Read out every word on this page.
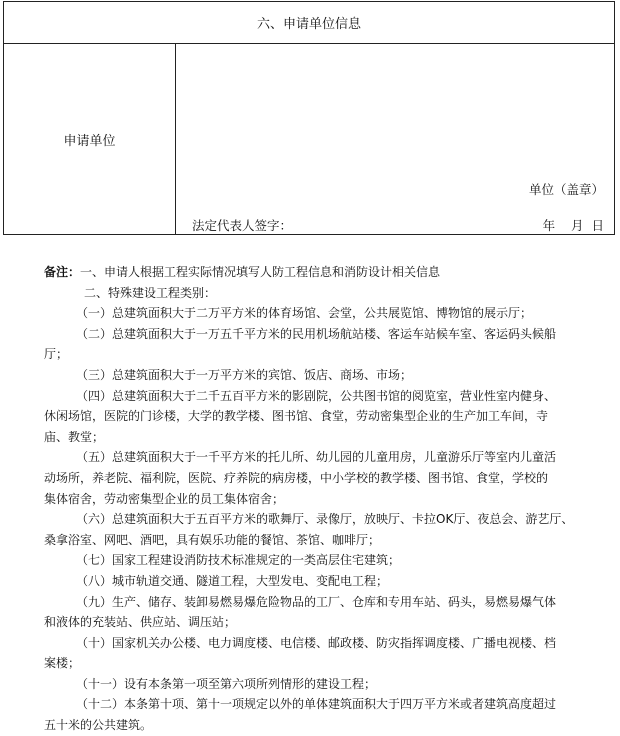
六、申请单位信息
申请单位
单位（盖章）
法定代表人签字：	年    月  日

备注：一、申请人根据工程实际情况填写人防工程信息和消防设计相关信息

二、特殊建设工程类别：

（一）总建筑面积大于二万平方米的体育场馆、会堂，公共展览馆、博物馆的展示厅；

（二）总建筑面积大于一万五千平方米的民用机场航站楼、客运车站候车室、客运码头候船

厅；

（三）总建筑面积大于一万平方米的宾馆、饭店、商场、市场；

（四）总建筑面积大于二千五百平方米的影剧院，公共图书馆的阅览室，营业性室内健身、

休闲场馆，医院的门诊楼，大学的教学楼、图书馆、食堂，劳动密集型企业的生产加工车间，寺

庙、教堂；

（五）总建筑面积大于一千平方米的托儿所、幼儿园的儿童用房，儿童游乐厅等室内儿童活

动场所，养老院、福利院，医院、疗养院的病房楼，中小学校的教学楼、图书馆、食堂，学校的

集体宿舍，劳动密集型企业的员工集体宿舍；

（六）总建筑面积大于五百平方米的歌舞厅、录像厅，放映厅、卡拉OK厅、夜总会、游艺厅、

桑拿浴室、网吧、酒吧，具有娱乐功能的餐馆、茶馆、咖啡厅；

（七）国家工程建设消防技术标准规定的一类高层住宅建筑；

（八）城市轨道交通、隧道工程，大型发电、变配电工程；

（九）生产、储存、装卸易燃易爆危险物品的工厂、仓库和专用车站、码头，易燃易爆气体

和液体的充装站、供应站、调压站；

（十）国家机关办公楼、电力调度楼、电信楼、邮政楼、防灾指挥调度楼、广播电视楼、档

案楼；

（十一）设有本条第一项至第六项所列情形的建设工程；

（十二）本条第十项、第十一项规定以外的单体建筑面积大于四万平方米或者建筑高度超过

五十米的公共建筑。
